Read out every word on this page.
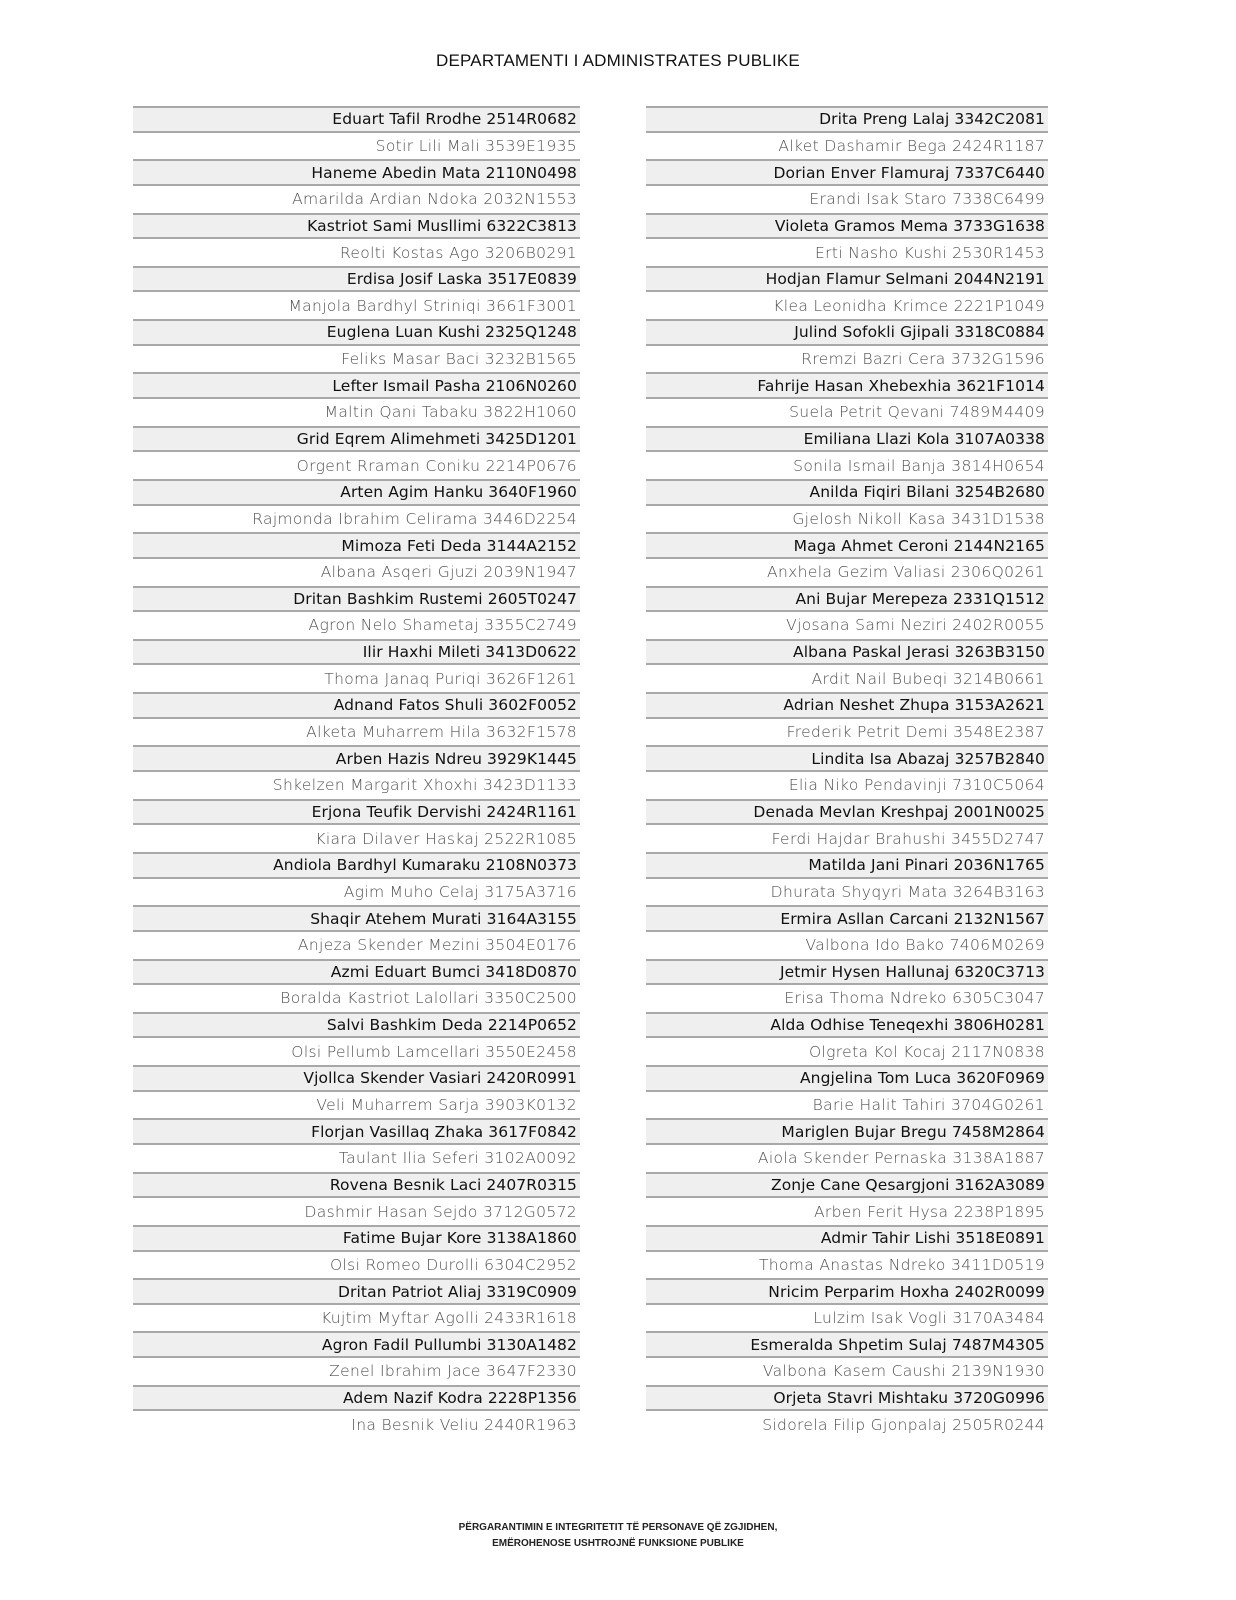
DEPARTAMENTI I ADMINISTRATES PUBLIKE
Eduart Tafil Rrodhe 2514R0682
Sotir Lili Mali 3539E1935
Haneme Abedin Mata 2110N0498
Amarilda Ardian Ndoka 2032N1553
Kastriot Sami Musllimi 6322C3813
Reolti Kostas Ago 3206B0291
Erdisa Josif Laska 3517E0839
Manjola Bardhyl Striniqi 3661F3001
Euglena Luan Kushi 2325Q1248
Feliks Masar Baci 3232B1565
Lefter Ismail Pasha 2106N0260
Maltin Qani Tabaku 3822H1060
Grid Eqrem Alimehmeti 3425D1201
Orgent Rraman Coniku 2214P0676
Arten Agim Hanku 3640F1960
Rajmonda Ibrahim Celirama 3446D2254
Mimoza Feti Deda 3144A2152
Albana Asqeri Gjuzi 2039N1947
Dritan Bashkim Rustemi 2605T0247
Agron Nelo Shametaj 3355C2749
Ilir Haxhi Mileti 3413D0622
Thoma Janaq Puriqi 3626F1261
Adnand Fatos Shuli 3602F0052
Alketa Muharrem Hila 3632F1578
Arben Hazis Ndreu 3929K1445
Shkelzen Margarit Xhoxhi 3423D1133
Erjona Teufik Dervishi 2424R1161
Kiara Dilaver Haskaj 2522R1085
Andiola Bardhyl Kumaraku 2108N0373
Agim Muho Celaj 3175A3716
Shaqir Atehem Murati 3164A3155
Anjeza Skender Mezini 3504E0176
Azmi Eduart Bumci 3418D0870
Boralda Kastriot Lalollari 3350C2500
Salvi Bashkim Deda 2214P0652
Olsi Pellumb Lamcellari 3550E2458
Vjollca Skender Vasiari 2420R0991
Veli Muharrem Sarja 3903K0132
Florjan Vasillaq Zhaka 3617F0842
Taulant Ilia Seferi 3102A0092
Rovena Besnik Laci 2407R0315
Dashmir Hasan Sejdo 3712G0572
Fatime Bujar Kore 3138A1860
Olsi Romeo Durolli 6304C2952
Dritan Patriot Aliaj 3319C0909
Kujtim Myftar Agolli 2433R1618
Agron Fadil Pullumbi 3130A1482
Zenel Ibrahim Jace 3647F2330
Adem Nazif Kodra 2228P1356
Ina Besnik Veliu 2440R1963
Drita Preng Lalaj 3342C2081
Alket Dashamir Bega 2424R1187
Dorian Enver Flamuraj 7337C6440
Erandi Isak Staro 7338C6499
Violeta Gramos Mema 3733G1638
Erti Nasho Kushi 2530R1453
Hodjan Flamur Selmani 2044N2191
Klea Leonidha Krimce 2221P1049
Julind Sofokli Gjipali 3318C0884
Rremzi Bazri Cera 3732G1596
Fahrije Hasan Xhebexhia 3621F1014
Suela Petrit Qevani 7489M4409
Emiliana Llazi Kola 3107A0338
Sonila Ismail Banja 3814H0654
Anilda Fiqiri Bilani 3254B2680
Gjelosh Nikoll Kasa 3431D1538
Maga Ahmet Ceroni 2144N2165
Anxhela Gezim Valiasi 2306Q0261
Ani Bujar Merepeza 2331Q1512
Vjosana Sami Neziri 2402R0055
Albana Paskal Jerasi 3263B3150
Ardit Nail Bubeqi 3214B0661
Adrian Neshet Zhupa 3153A2621
Frederik Petrit Demi 3548E2387
Lindita Isa Abazaj 3257B2840
Elia Niko Pendavinji 7310C5064
Denada Mevlan Kreshpaj 2001N0025
Ferdi Hajdar Brahushi 3455D2747
Matilda Jani Pinari 2036N1765
Dhurata Shyqyri Mata 3264B3163
Ermira Asllan Carcani 2132N1567
Valbona Ido Bako 7406M0269
Jetmir Hysen Hallunaj 6320C3713
Erisa Thoma Ndreko 6305C3047
Alda Odhise Teneqexhi 3806H0281
Olgreta Kol Kocaj 2117N0838
Angjelina Tom Luca 3620F0969
Barie Halit Tahiri 3704G0261
Mariglen Bujar Bregu 7458M2864
Aiola Skender Pernaska 3138A1887
Zonje Cane Qesargjoni 3162A3089
Arben Ferit Hysa 2238P1895
Admir Tahir Lishi 3518E0891
Thoma Anastas Ndreko 3411D0519
Nricim Perparim Hoxha 2402R0099
Lulzim Isak Vogli 3170A3484
Esmeralda Shpetim Sulaj 7487M4305
Valbona Kasem Caushi 2139N1930
Orjeta Stavri Mishtaku 3720G0996
Sidorela Filip Gjonpalaj 2505R0244
PËRGARANTIMIN E INTEGRITETIT TË PERSONAVE QË ZGJIDHEN,
EMËROHENOSE USHTROJNË FUNKSIONE PUBLIKE
